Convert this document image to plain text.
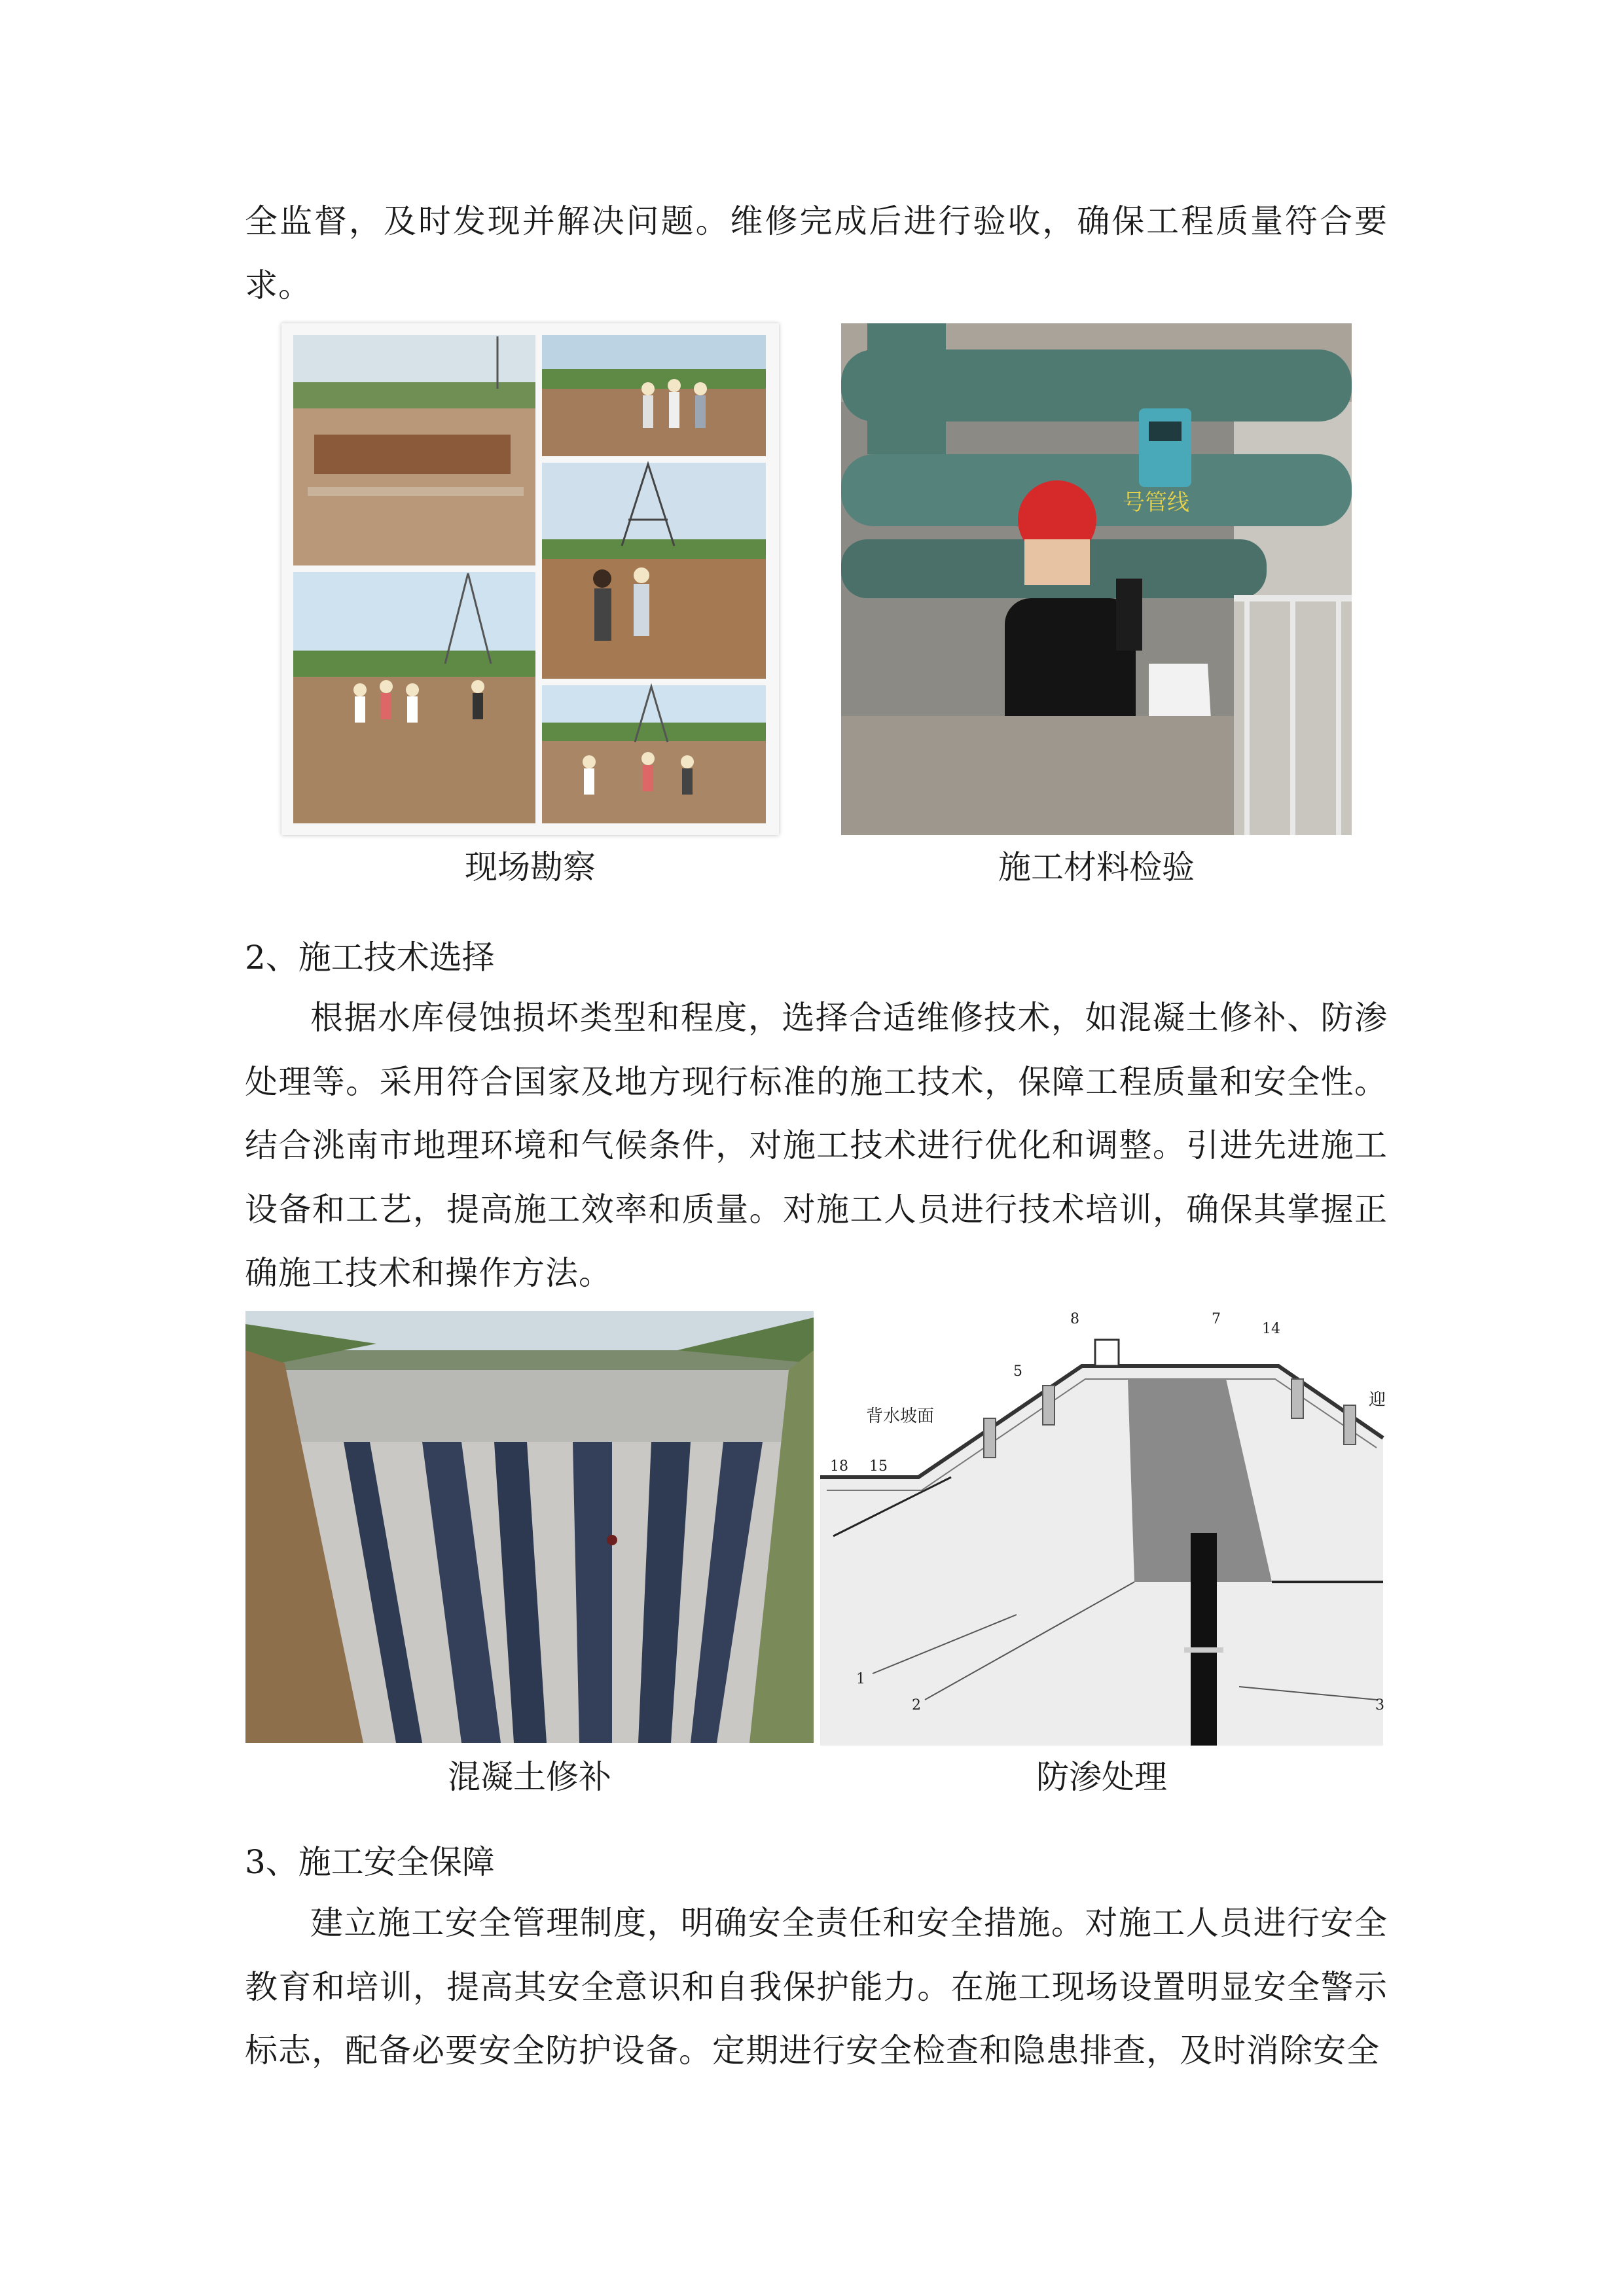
全监督，及时发现并解决问题。维修完成后进行验收，确保工程质量符合要求。

现场勘察

号管线

施工材料检验

2、施工技术选择

根据水库侵蚀损坏类型和程度，选择合适维修技术，如混凝土修补、防渗处理等。采用符合国家及地方现行标准的施工技术，保障工程质量和安全性。结合洮南市地理环境和气候条件，对施工技术进行优化和调整。引进先进施工设备和工艺，提高施工效率和质量。对施工人员进行技术培训，确保其掌握正确施工技术和操作方法。

混凝土修补

背水坡面
迎
8	7
14
5
18 15
1
2	3

防渗处理

3、施工安全保障

建立施工安全管理制度，明确安全责任和安全措施。对施工人员进行安全教育和培训，提高其安全意识和自我保护能力。在施工现场设置明显安全警示标志，配备必要安全防护设备。定期进行安全检查和隐患排查，及时消除安全
